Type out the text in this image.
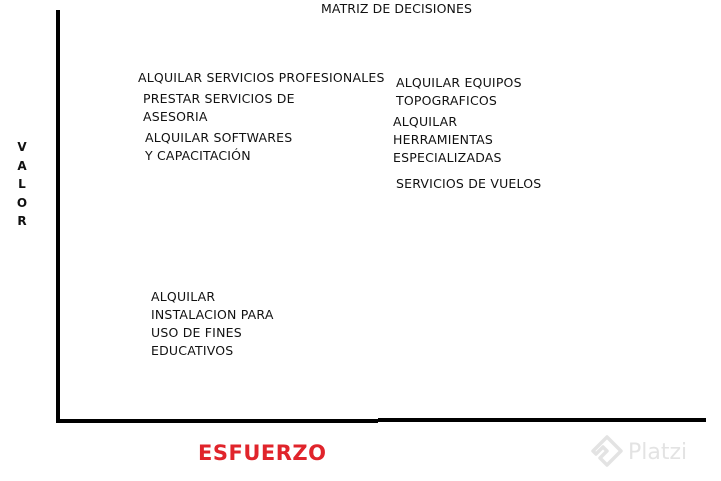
MATRIZ DE DECISIONES
V
A
L
O
R
ESFUERZO
ALQUILAR SERVICIOS PROFESIONALES
PRESTAR SERVICIOS DE
ASESORIA
ALQUILAR SOFTWARES
Y CAPACITACIÓN
ALQUILAR EQUIPOS
TOPOGRAFICOS
ALQUILAR
HERRAMIENTAS
ESPECIALIZADAS
SERVICIOS DE VUELOS
ALQUILAR
INSTALACION PARA
USO DE FINES
EDUCATIVOS
Platzi
